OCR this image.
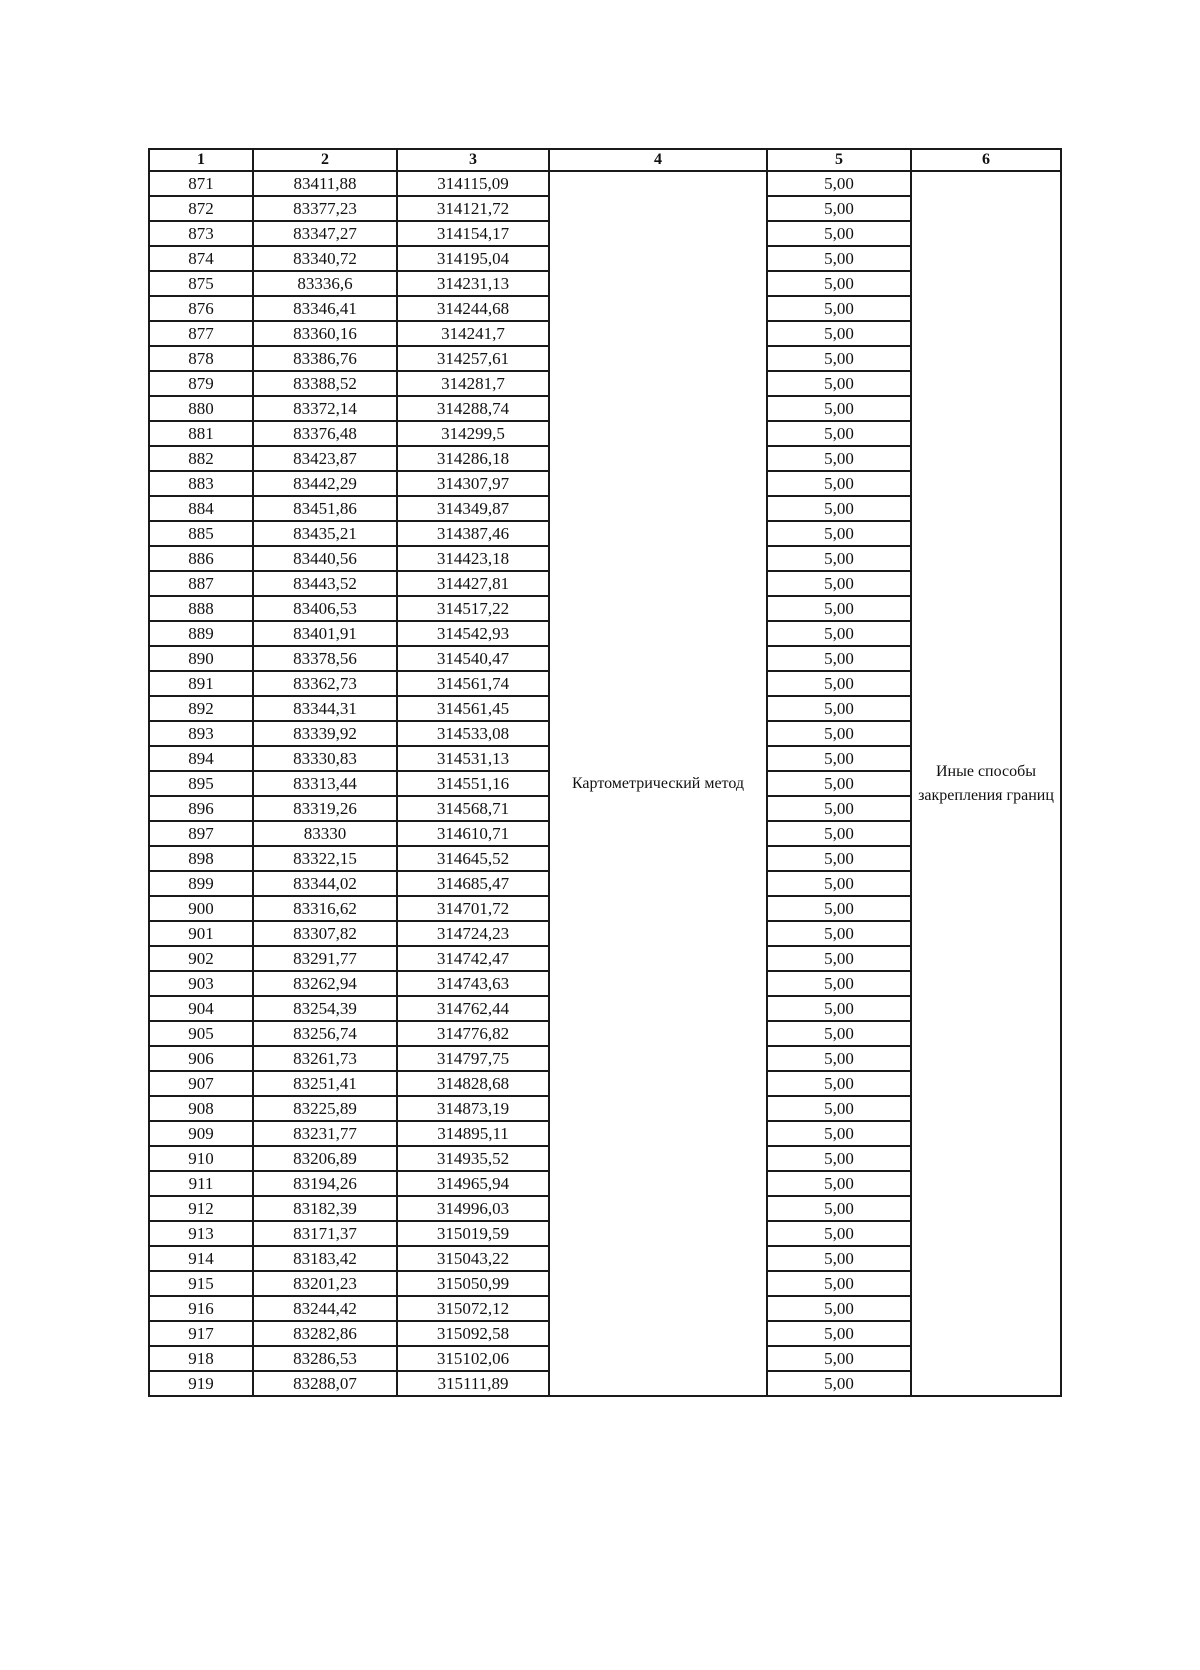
1	2	3	4	5	6
871	83411,88	314115,09	Картометрический метод	5,00	Иные способы закрепления границ
872	83377,23	314121,72		5,00	
873	83347,27	314154,17		5,00	
874	83340,72	314195,04		5,00	
875	83336,6	314231,13		5,00	
876	83346,41	314244,68		5,00	
877	83360,16	314241,7		5,00	
878	83386,76	314257,61		5,00	
879	83388,52	314281,7		5,00	
880	83372,14	314288,74		5,00	
881	83376,48	314299,5		5,00	
882	83423,87	314286,18		5,00	
883	83442,29	314307,97		5,00	
884	83451,86	314349,87		5,00	
885	83435,21	314387,46		5,00	
886	83440,56	314423,18		5,00	
887	83443,52	314427,81		5,00	
888	83406,53	314517,22		5,00	
889	83401,91	314542,93		5,00	
890	83378,56	314540,47		5,00	
891	83362,73	314561,74		5,00	
892	83344,31	314561,45		5,00	
893	83339,92	314533,08		5,00	
894	83330,83	314531,13		5,00	
895	83313,44	314551,16		5,00	
896	83319,26	314568,71		5,00	
897	83330	314610,71		5,00	
898	83322,15	314645,52		5,00	
899	83344,02	314685,47		5,00	
900	83316,62	314701,72		5,00	
901	83307,82	314724,23		5,00	
902	83291,77	314742,47		5,00	
903	83262,94	314743,63		5,00	
904	83254,39	314762,44		5,00	
905	83256,74	314776,82		5,00	
906	83261,73	314797,75		5,00	
907	83251,41	314828,68		5,00	
908	83225,89	314873,19		5,00	
909	83231,77	314895,11		5,00	
910	83206,89	314935,52		5,00	
911	83194,26	314965,94		5,00	
912	83182,39	314996,03		5,00	
913	83171,37	315019,59		5,00	
914	83183,42	315043,22		5,00	
915	83201,23	315050,99		5,00	
916	83244,42	315072,12		5,00	
917	83282,86	315092,58		5,00	
918	83286,53	315102,06		5,00	
919	83288,07	315111,89		5,00	
